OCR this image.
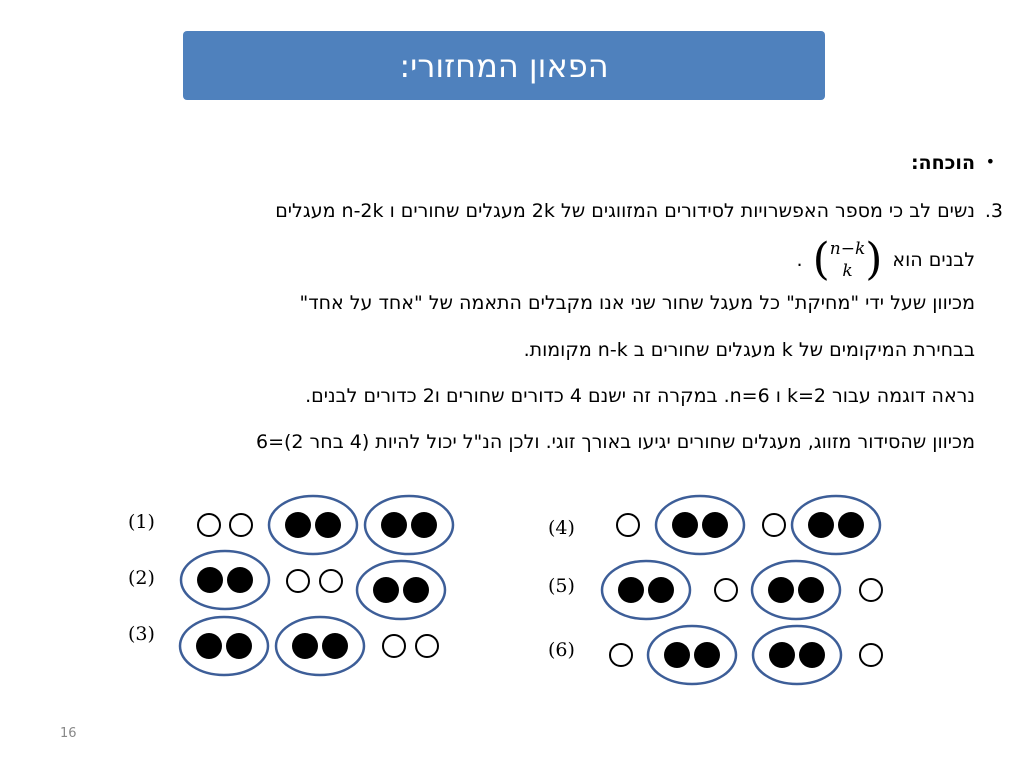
הפאון המחזורי:
•
הוכחה:
3.
נשים לב כי מספר האפשרויות לסידורים המזווגים של 2k מעגלים שחורים ו n-2k מעגלים
לבנים הוא
( n−k
k )
.
מכיוון שעל ידי "מחיקת" כל מעגל שחור שני אנו מקבלים התאמה של "אחד על אחד"
בבחירת המיקומים של k מעגלים שחורים ב n-k מקומות.
נראה דוגמה עבור k=2 ו n=6. במקרה זה ישנם 4 כדורים שחורים ו2 כדורים לבנים.
מכיוון שהסידור מזווג, מעגלים שחורים יגיעו באורך זוגי. ולכן הנ"ל יכול להיות (4 בחר 2)=6
(1)
(2)
(3)
(4)
(5)
(6)
16
